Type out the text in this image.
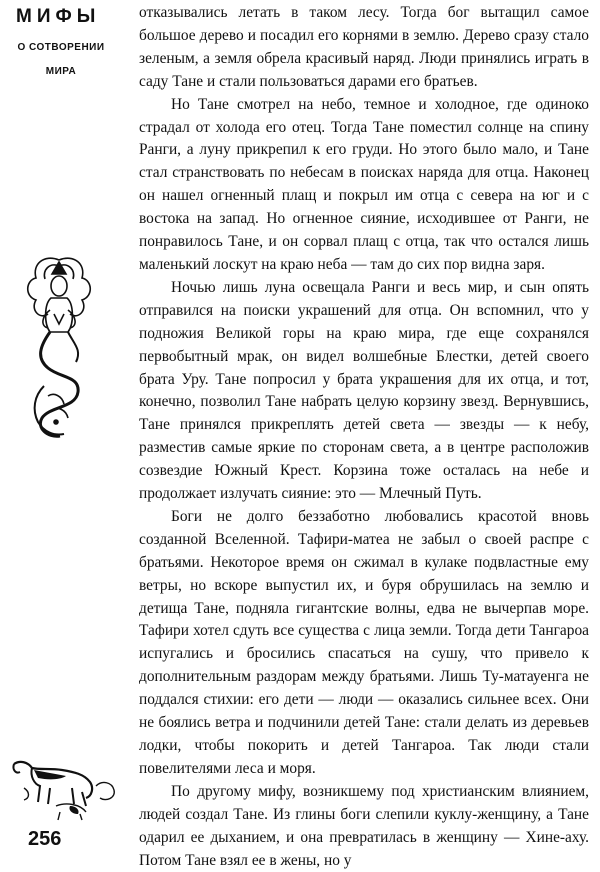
МИФЫ
О СОТВОРЕНИИ
МИРА
256

отказывались летать в таком лесу. Тогда бог вытащил самое большое дерево и посадил его корнями в землю. Дерево сразу стало зеленым, а земля обрела красивый наряд. Люди принялись играть в саду Тане и стали пользоваться дарами его братьев.

Но Тане смотрел на небо, темное и холодное, где одиноко страдал от холода его отец. Тогда Тане поместил солнце на спину Ранги, а луну прикрепил к его груди. Но этого было мало, и Тане стал странствовать по небесам в поисках наряда для отца. Наконец он нашел огненный плащ и покрыл им отца с севера на юг и с востока на запад. Но огненное сияние, исходившее от Ранги, не понравилось Тане, и он сорвал плащ с отца, так что остался лишь маленький лоскут на краю неба — там до сих пор видна заря.

Ночью лишь луна освещала Ранги и весь мир, и сын опять отправился на поиски украшений для отца. Он вспомнил, что у подножия Великой горы на краю мира, где еще сохранялся первобытный мрак, он видел волшебные Блестки, детей своего брата Уру. Тане попросил у брата украшения для их отца, и тот, конечно, позволил Тане набрать целую корзину звезд. Вернувшись, Тане принялся прикреплять детей света — звезды — к небу, разместив самые яркие по сторонам света, а в центре расположив созвездие Южный Крест. Корзина тоже осталась на небе и продолжает излучать сияние: это — Млечный Путь.

Боги не долго беззаботно любовались красотой вновь созданной Вселенной. Тафири-матеа не забыл о своей распре с братьями. Некоторое время он сжимал в кулаке подвластные ему ветры, но вскоре выпустил их, и буря обрушилась на землю и детища Тане, подняла гигантские волны, едва не вычерпав море. Тафири хотел сдуть все существа с лица земли. Тогда дети Тангароа испугались и бросились спасаться на сушу, что привело к дополнительным раздорам между братьями. Лишь Ту-матауенга не поддался стихии: его дети — люди — оказались сильнее всех. Они не боялись ветра и подчинили детей Тане: стали делать из деревьев лодки, чтобы покорить и детей Тангароа. Так люди стали повелителями леса и моря.

По другому мифу, возникшему под христианским влиянием, людей создал Тане. Из глины боги слепили куклу-женщину, а Тане одарил ее дыханием, и она превратилась в женщину — Хине-аху. Потом Тане взял ее в жены, но у
